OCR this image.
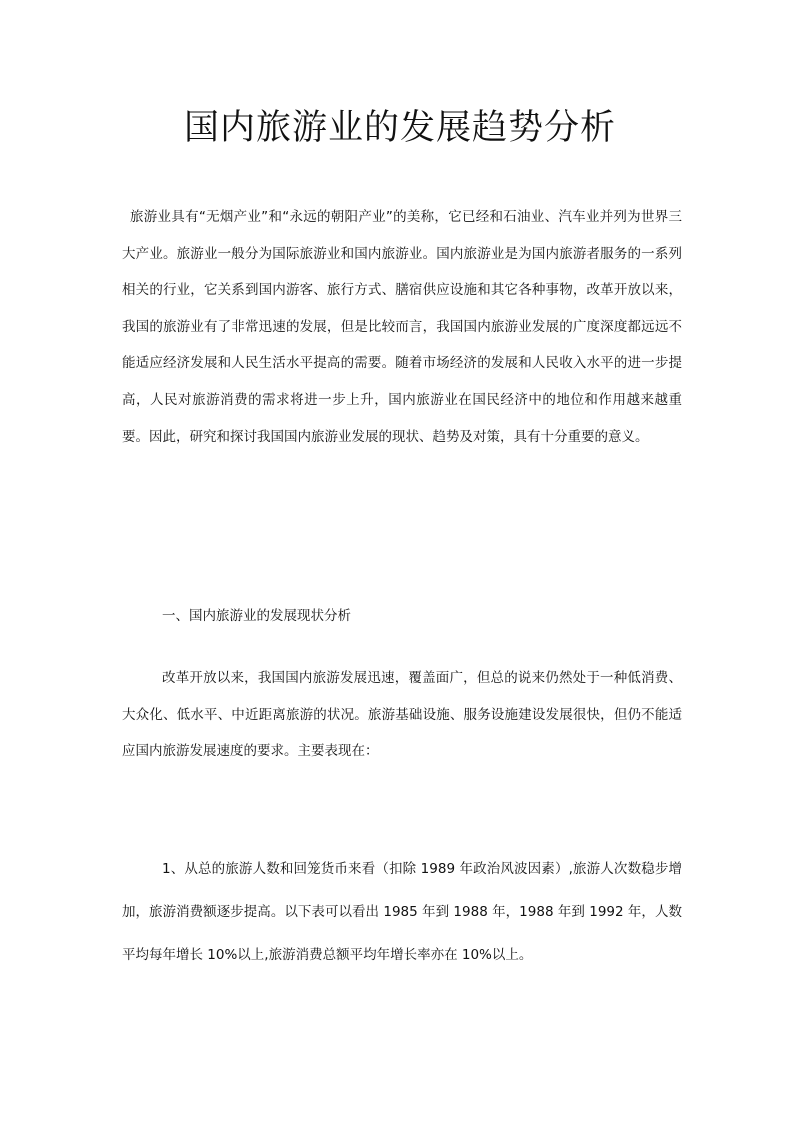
国内旅游业的发展趋势分析

旅游业具有“无烟产业”和“永远的朝阳产业”的美称，它已经和石油业、汽车业并列为世界三大产业。旅游业一般分为国际旅游业和国内旅游业。国内旅游业是为国内旅游者服务的一系列相关的行业，它关系到国内游客、旅行方式、膳宿供应设施和其它各种事物，改革开放以来，我国的旅游业有了非常迅速的发展，但是比较而言，我国国内旅游业发展的广度深度都远远不能适应经济发展和人民生活水平提高的需要。随着市场经济的发展和人民收入水平的进一步提高，人民对旅游消费的需求将进一步上升，国内旅游业在国民经济中的地位和作用越来越重要。因此，研究和探讨我国国内旅游业发展的现状、趋势及对策，具有十分重要的意义。

一、国内旅游业的发展现状分析

改革开放以来，我国国内旅游发展迅速，覆盖面广，但总的说来仍然处于一种低消费、大众化、低水平、中近距离旅游的状况。旅游基础设施、服务设施建设发展很快，但仍不能适应国内旅游发展速度的要求。主要表现在：

1、从总的旅游人数和回笼货币来看（扣除 1989 年政治风波因素）,旅游人次数稳步增加，旅游消费额逐步提高。以下表可以看出 1985 年到 1988 年，1988 年到 1992 年，人数平均每年增长 10%以上,旅游消费总额平均年增长率亦在 10%以上。
